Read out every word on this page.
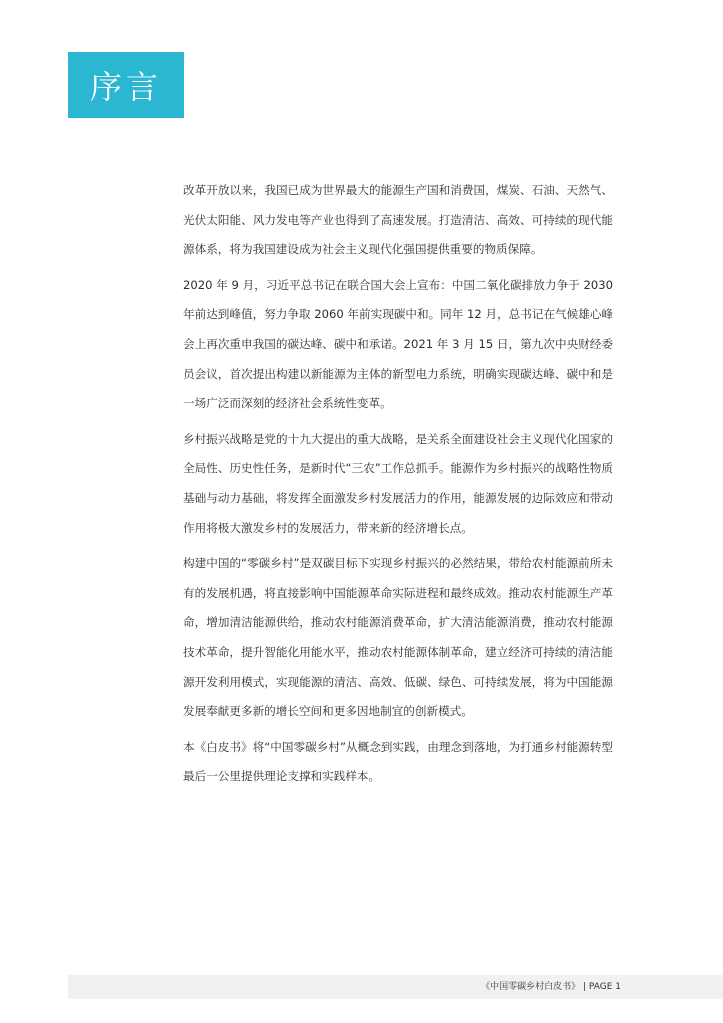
序言

改革开放以来，我国已成为世界最大的能源生产国和消费国，煤炭、石油、天然气、光伏太阳能、风力发电等产业也得到了高速发展。打造清洁、高效、可持续的现代能源体系，将为我国建设成为社会主义现代化强国提供重要的物质保障。

2020 年 9 月，习近平总书记在联合国大会上宣布：中国二氧化碳排放力争于 2030 年前达到峰值，努力争取 2060 年前实现碳中和。同年 12 月，总书记在气候雄心峰会上再次重申我国的碳达峰、碳中和承诺。2021 年 3 月 15 日，第九次中央财经委员会议，首次提出构建以新能源为主体的新型电力系统，明确实现碳达峰、碳中和是一场广泛而深刻的经济社会系统性变革。

乡村振兴战略是党的十九大提出的重大战略，是关系全面建设社会主义现代化国家的全局性、历史性任务，是新时代“三农”工作总抓手。能源作为乡村振兴的战略性物质基础与动力基础，将发挥全面激发乡村发展活力的作用，能源发展的边际效应和带动作用将极大激发乡村的发展活力，带来新的经济增长点。

构建中国的“零碳乡村”是双碳目标下实现乡村振兴的必然结果，带给农村能源前所未有的发展机遇，将直接影响中国能源革命实际进程和最终成效。推动农村能源生产革命，增加清洁能源供给，推动农村能源消费革命，扩大清洁能源消费，推动农村能源技术革命，提升智能化用能水平，推动农村能源体制革命，建立经济可持续的清洁能源开发利用模式，实现能源的清洁、高效、低碳、绿色、可持续发展，将为中国能源发展奉献更多新的增长空间和更多因地制宜的创新模式。

本《白皮书》将“中国零碳乡村”从概念到实践，由理念到落地，为打通乡村能源转型最后一公里提供理论支撑和实践样本。

《中国零碳乡村白皮书》 | PAGE 1
